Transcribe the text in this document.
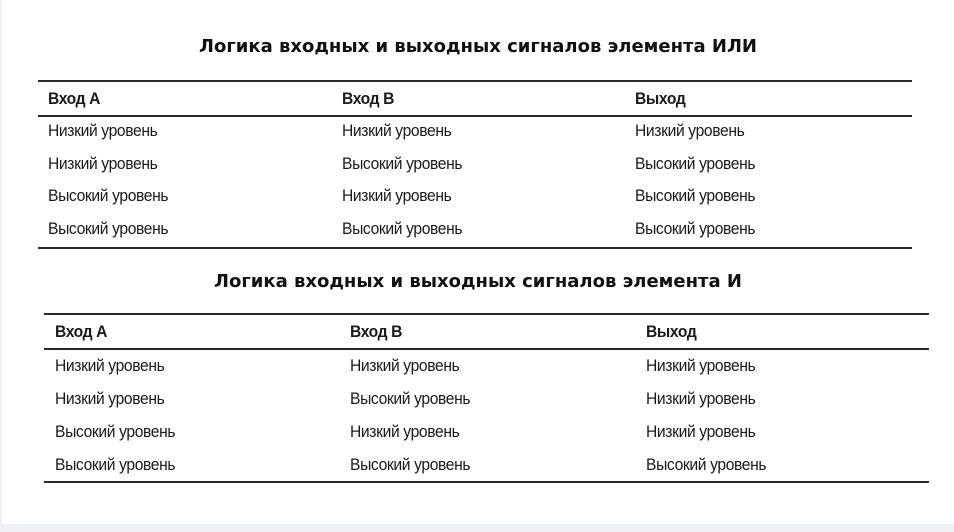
Логика входных и выходных сигналов элемента ИЛИ
Вход А	Вход В	Выход
Низкий уровень	Низкий уровень	Низкий уровень
Низкий уровень	Высокий уровень	Высокий уровень
Высокий уровень	Низкий уровень	Высокий уровень
Высокий уровень	Высокий уровень	Высокий уровень
Логика входных и выходных сигналов элемента И
Вход А	Вход В	Выход
Низкий уровень	Низкий уровень	Низкий уровень
Низкий уровень	Высокий уровень	Низкий уровень
Высокий уровень	Низкий уровень	Низкий уровень
Высокий уровень	Высокий уровень	Высокий уровень
